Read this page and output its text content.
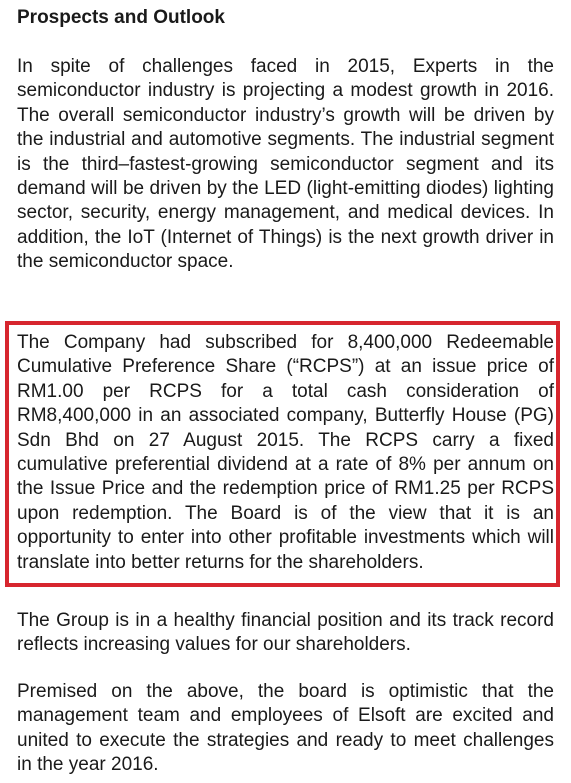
Prospects and Outlook

In spite of challenges faced in 2015, Experts in the semiconductor industry is projecting a modest growth in 2016. The overall semiconductor industry’s growth will be driven by the industrial and automotive segments. The industrial segment is the third–fastest-growing semiconductor segment and its demand will be driven by the LED (light-emitting diodes) lighting sector, security, energy management, and medical devices. In addition, the IoT (Internet of Things) is the next growth driver in the semiconductor space.

The Company had subscribed for 8,400,000 Redeemable Cumulative Preference Share (“RCPS”) at an issue price of RM1.00 per RCPS for a total cash consideration of RM8,400,000 in an associated company, Butterfly House (PG) Sdn Bhd on 27 August 2015. The RCPS carry a fixed cumulative preferential dividend at a rate of 8% per annum on the Issue Price and the redemption price of RM1.25 per RCPS upon redemption. The Board is of the view that it is an opportunity to enter into other profitable investments which will translate into better returns for the shareholders.

The Group is in a healthy financial position and its track record reflects increasing values for our shareholders.

Premised on the above, the board is optimistic that the management team and employees of Elsoft are excited and united to execute the strategies and ready to meet challenges in the year 2016.
